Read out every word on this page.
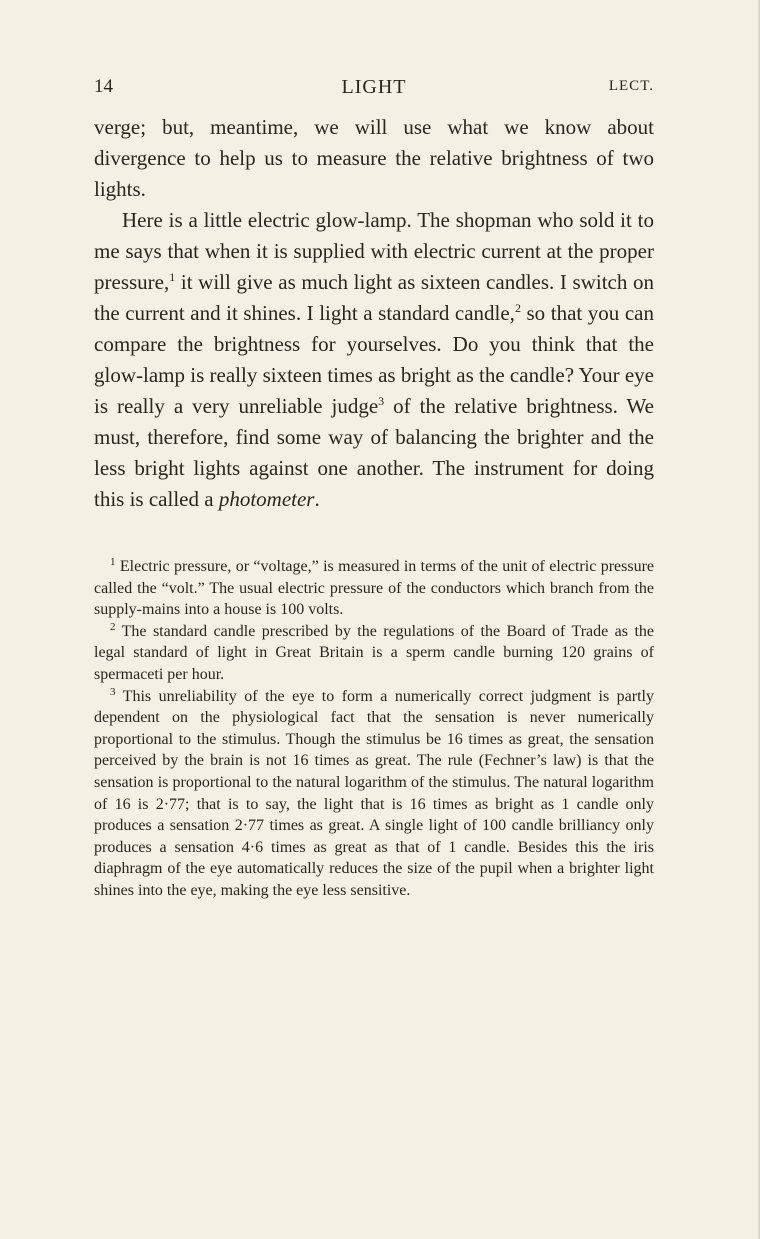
14	LIGHT	LECT.

verge; but, meantime, we will use what we know about divergence to help us to measure the relative brightness of two lights.

Here is a little electric glow-lamp. The shopman who sold it to me says that when it is supplied with electric current at the proper pressure,$^1$ it will give as much light as sixteen candles. I switch on the current and it shines. I light a standard candle,$^2$ so that you can compare the brightness for yourselves. Do you think that the glow-lamp is really sixteen times as bright as the candle? Your eye is really a very unreliable judge$^3$ of the relative brightness. We must, therefore, find some way of balancing the brighter and the less bright lights against one another. The instrument for doing this is called a photometer.

$^1$ Electric pressure, or “voltage,” is measured in terms of the unit of electric pressure called the “volt.” The usual electric pressure of the conductors which branch from the supply-mains into a house is 100 volts.

$^2$ The standard candle prescribed by the regulations of the Board of Trade as the legal standard of light in Great Britain is a sperm candle burning 120 grains of spermaceti per hour.

$^3$ This unreliability of the eye to form a numerically correct judgment is partly dependent on the physiological fact that the sensation is never numerically proportional to the stimulus. Though the stimulus be 16 times as great, the sensation perceived by the brain is not 16 times as great. The rule (Fechner’s law) is that the sensation is proportional to the natural logarithm of the stimulus. The natural logarithm of 16 is 2·77; that is to say, the light that is 16 times as bright as 1 candle only produces a sensation 2·77 times as great. A single light of 100 candle brilliancy only produces a sensation 4·6 times as great as that of 1 candle. Besides this the iris diaphragm of the eye automatically reduces the size of the pupil when a brighter light shines into the eye, making the eye less sensitive.
